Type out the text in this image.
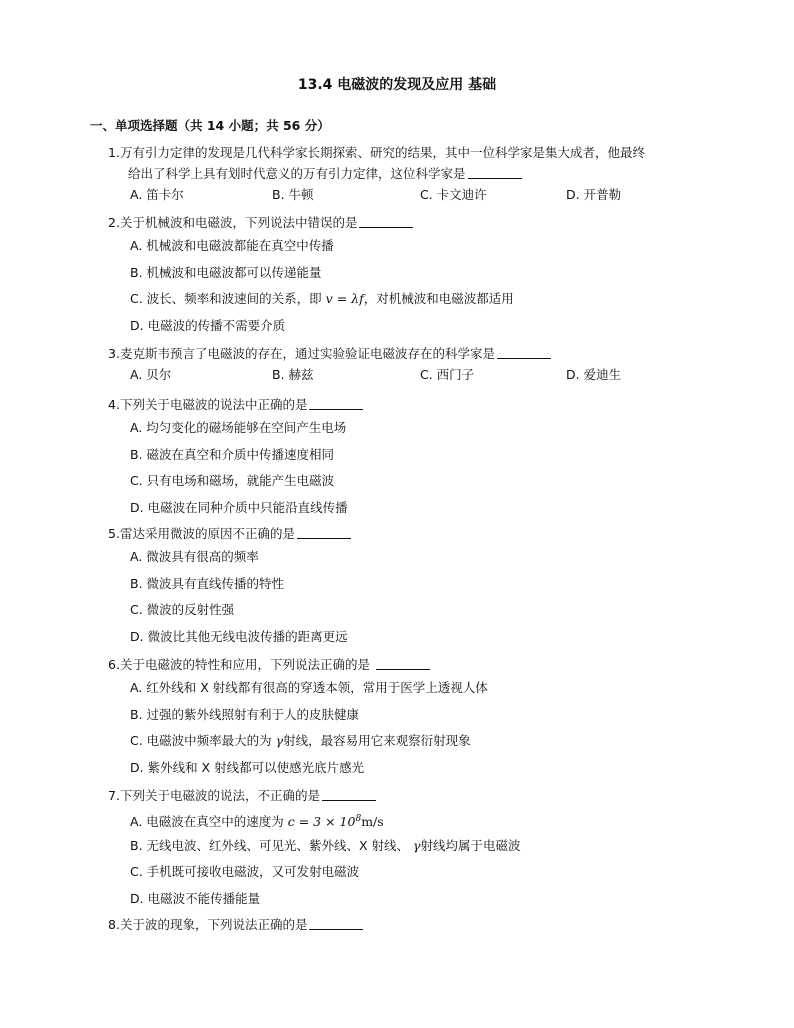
13.4 电磁波的发现及应用 基础
一、单项选择题（共 14 小题；共 56 分）
1.万有引力定律的发现是几代科学家长期探索、研究的结果，其中一位科学家是集大成者，他最终
给出了科学上具有划时代意义的万有引力定律，这位科学家是
A. 笛卡尔	B. 牛顿	C. 卡文迪许	D. 开普勒
2.关于机械波和电磁波，下列说法中错误的是
A. 机械波和电磁波都能在真空中传播
B. 机械波和电磁波都可以传递能量
C. 波长、频率和波速间的关系，即 v = λf，对机械波和电磁波都适用
D. 电磁波的传播不需要介质
3.麦克斯韦预言了电磁波的存在，通过实验验证电磁波存在的科学家是
A. 贝尔	B. 赫兹	C. 西门子	D. 爱迪生
4.下列关于电磁波的说法中正确的是
A. 均匀变化的磁场能够在空间产生电场
B. 磁波在真空和介质中传播速度相同
C. 只有电场和磁场，就能产生电磁波
D. 电磁波在同种介质中只能沿直线传播
5.雷达采用微波的原因不正确的是
A. 微波具有很高的频率
B. 微波具有直线传播的特性
C. 微波的反射性强
D. 微波比其他无线电波传播的距离更远
6.关于电磁波的特性和应用，下列说法正确的是
A. 红外线和 X 射线都有很高的穿透本领，常用于医学上透视人体
B. 过强的紫外线照射有利于人的皮肤健康
C. 电磁波中频率最大的为 γ射线，最容易用它来观察衍射现象
D. 紫外线和 X 射线都可以使感光底片感光
7.下列关于电磁波的说法，不正确的是
A. 电磁波在真空中的速度为 $c = 3 \times 10^8m/s$
B. 无线电波、红外线、可见光、紫外线、X 射线、 γ射线均属于电磁波
C. 手机既可接收电磁波，又可发射电磁波
D. 电磁波不能传播能量
8.关于波的现象，下列说法正确的是
